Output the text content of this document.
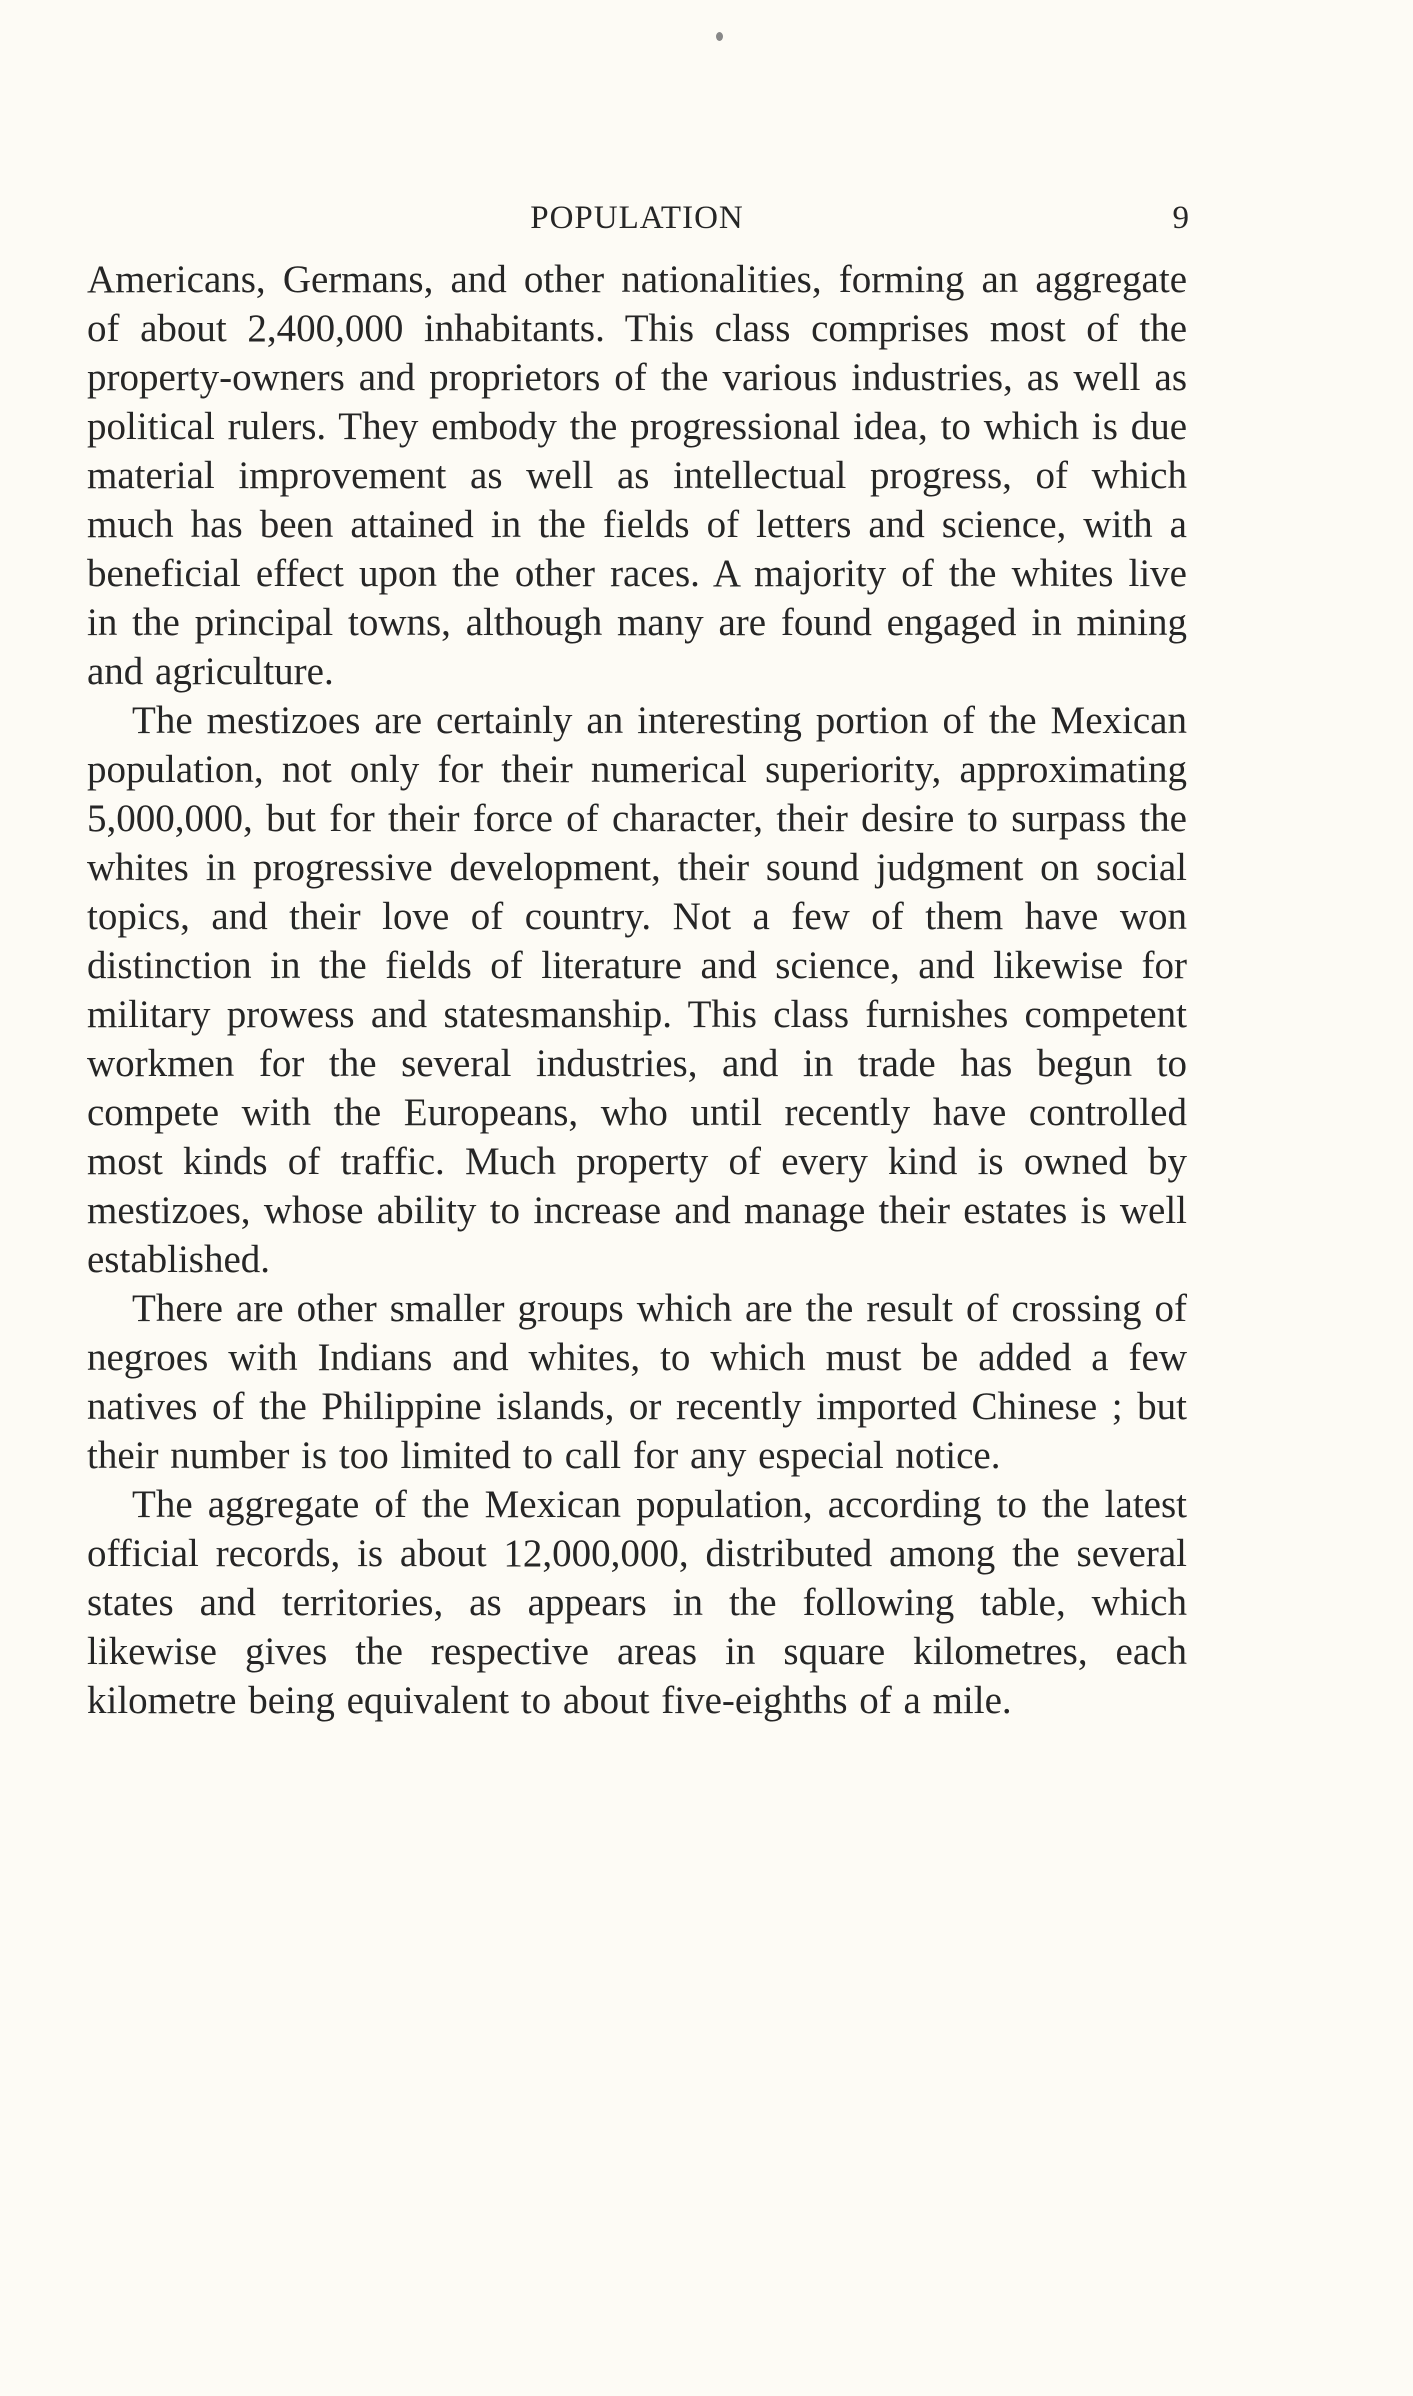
POPULATION	9

Americans, Germans, and other nationalities, forming an aggregate of about 2,400,000 inhabitants. This class comprises most of the property-owners and proprietors of the various industries, as well as political rulers. They embody the progressional idea, to which is due material improvement as well as intellectual progress, of which much has been attained in the fields of letters and science, with a beneficial effect upon the other races. A majority of the whites live in the principal towns, although many are found engaged in mining and agriculture.

The mestizoes are certainly an interesting portion of the Mexican population, not only for their numerical superiority, approximating 5,000,000, but for their force of character, their desire to surpass the whites in progressive development, their sound judgment on social topics, and their love of country. Not a few of them have won distinction in the fields of literature and science, and likewise for military prowess and statesmanship. This class furnishes competent workmen for the several industries, and in trade has begun to compete with the Europeans, who until recently have controlled most kinds of traffic. Much property of every kind is owned by mestizoes, whose ability to increase and manage their estates is well established.

There are other smaller groups which are the result of crossing of negroes with Indians and whites, to which must be added a few natives of the Philippine islands, or recently imported Chinese ; but their number is too limited to call for any especial notice.

The aggregate of the Mexican population, according to the latest official records, is about 12,000,000, distributed among the several states and territories, as appears in the following table, which likewise gives the respective areas in square kilometres, each kilometre being equivalent to about five-eighths of a mile.
